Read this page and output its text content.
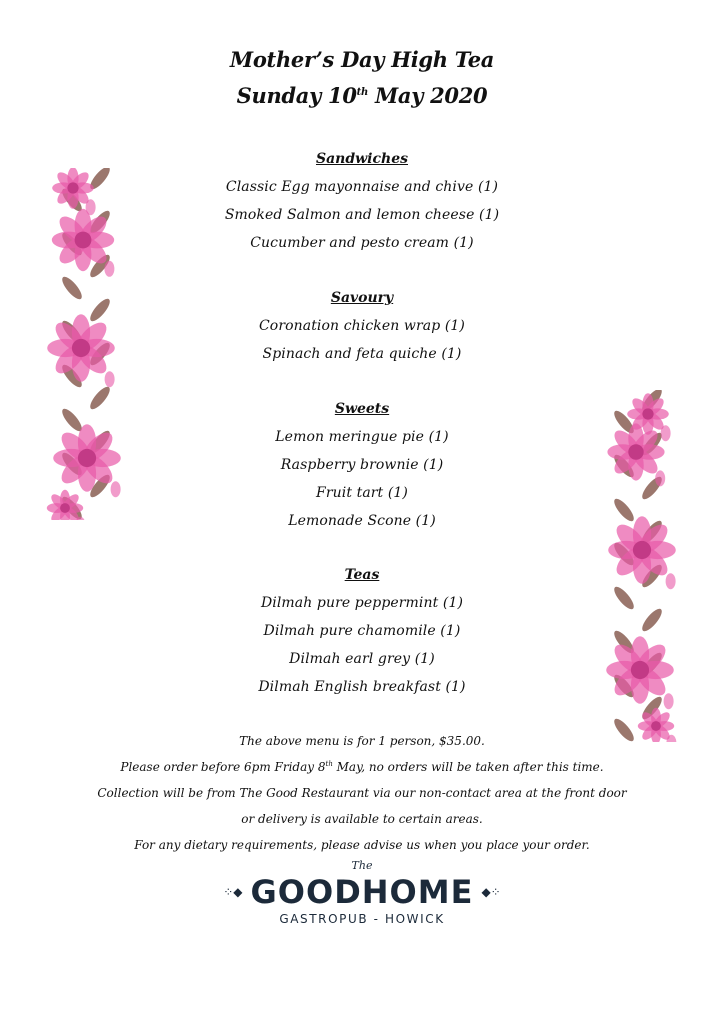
Mother’s Day High Tea
Sunday 10th May 2020
Sandwiches
Classic Egg mayonnaise and chive (1)
Smoked Salmon and lemon cheese (1)
Cucumber and pesto cream (1)
Savoury
Coronation chicken wrap (1)
Spinach and feta quiche (1)
Sweets
Lemon meringue pie (1)
Raspberry brownie (1)
Fruit tart (1)
Lemonade Scone (1)
Teas
Dilmah pure peppermint (1)
Dilmah pure chamomile (1)
Dilmah earl grey (1)
Dilmah English breakfast (1)
The above menu is for 1 person, $35.00.
Please order before 6pm Friday 8th May, no orders will be taken after this time.
Collection will be from The Good Restaurant via our non-contact area at the front door
or delivery is available to certain areas.
For any dietary requirements, please advise us when you place your order.
The
⁘◆ GOODHOME ◆⁘
GASTROPUB - HOWICK
